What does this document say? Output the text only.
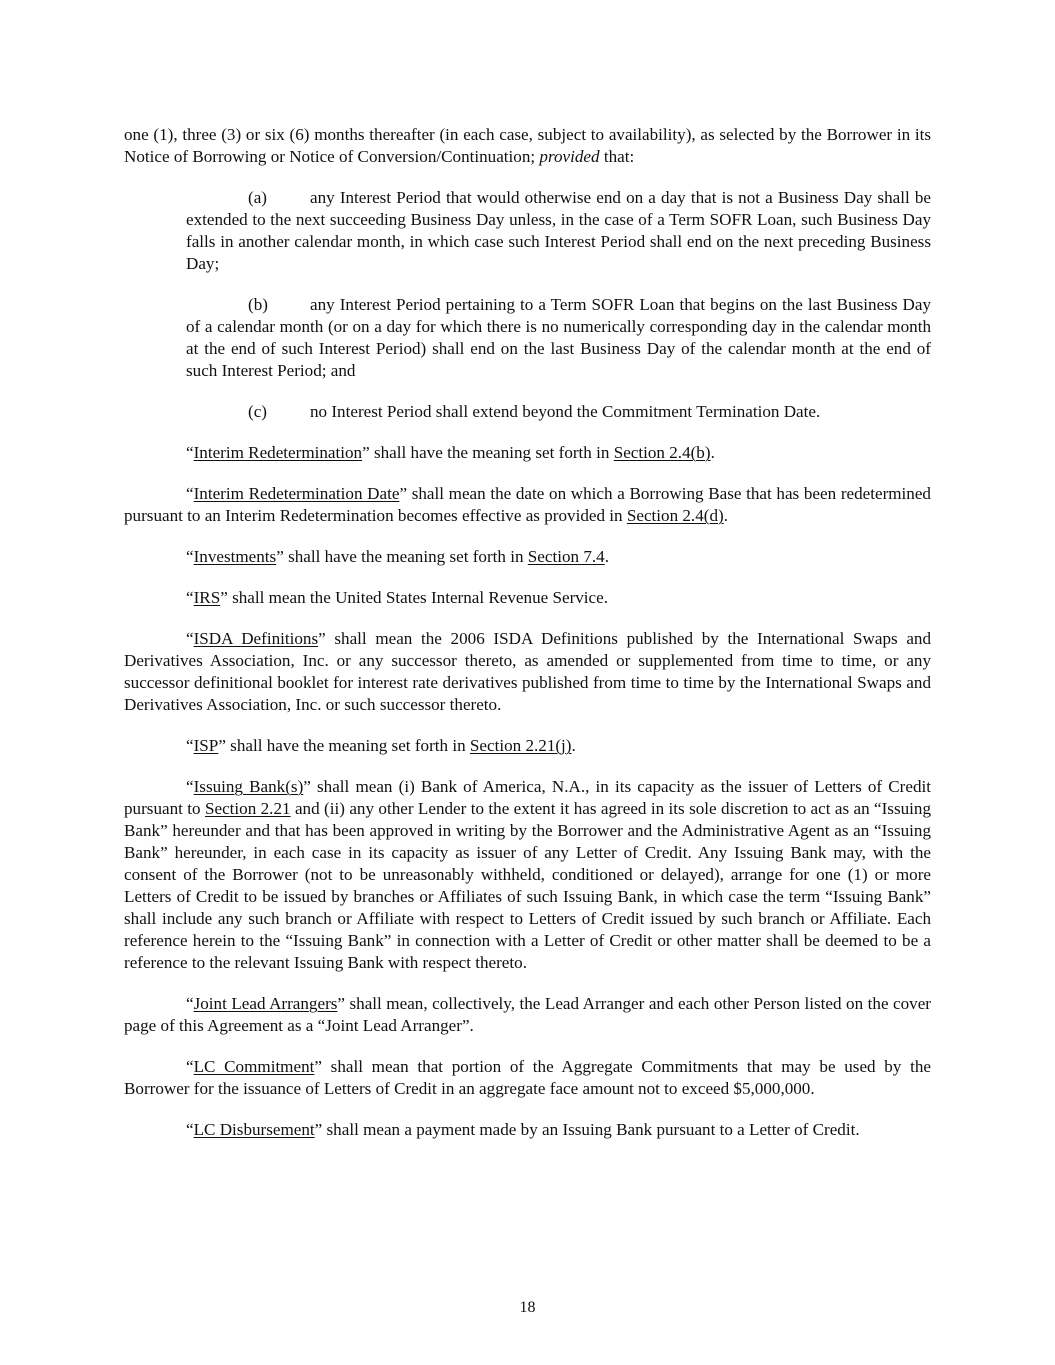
one (1), three (3) or six (6) months thereafter (in each case, subject to availability), as selected by the Borrower in its Notice of Borrowing or Notice of Conversion/Continuation; provided that:

(a)	any Interest Period that would otherwise end on a day that is not a Business Day shall be extended to the next succeeding Business Day unless, in the case of a Term SOFR Loan, such Business Day falls in another calendar month, in which case such Interest Period shall end on the next preceding Business Day;

(b) any Interest Period pertaining to a Term SOFR Loan that begins on the last Business Day of a calendar month (or on a day for which there is no numerically corresponding day in the calendar month at the end of such Interest Period) shall end on the last Business Day of the calendar month at the end of such Interest Period; and

(c)	no Interest Period shall extend beyond the Commitment Termination Date.

“Interim Redetermination” shall have the meaning set forth in Section 2.4(b).

“Interim Redetermination Date” shall mean the date on which a Borrowing Base that has been redetermined pursuant to an Interim Redetermination becomes effective as provided in Section 2.4(d).

“Investments” shall have the meaning set forth in Section 7.4.

“IRS” shall mean the United States Internal Revenue Service.

“ISDA Definitions” shall mean the 2006 ISDA Definitions published by the International Swaps and Derivatives Association, Inc. or any successor thereto, as amended or supplemented from time to time, or any successor definitional booklet for interest rate derivatives published from time to time by the International Swaps and Derivatives Association, Inc. or such successor thereto.

“ISP” shall have the meaning set forth in Section 2.21(j).

“Issuing Bank(s)” shall mean (i) Bank of America, N.A., in its capacity as the issuer of Letters of Credit pursuant to Section 2.21 and (ii) any other Lender to the extent it has agreed in its sole discretion to act as an “Issuing Bank” hereunder and that has been approved in writing by the Borrower and the Administrative Agent as an “Issuing Bank” hereunder, in each case in its capacity as issuer of any Letter of Credit. Any Issuing Bank may, with the consent of the Borrower (not to be unreasonably withheld, conditioned or delayed), arrange for one (1) or more Letters of Credit to be issued by branches or Affiliates of such Issuing Bank, in which case the term “Issuing Bank” shall include any such branch or Affiliate with respect to Letters of Credit issued by such branch or Affiliate. Each reference herein to the “Issuing Bank” in connection with a Letter of Credit or other matter shall be deemed to be a reference to the relevant Issuing Bank with respect thereto.

“Joint Lead Arrangers” shall mean, collectively, the Lead Arranger and each other Person listed on the cover page of this Agreement as a “Joint Lead Arranger”.

“LC Commitment” shall mean that portion of the Aggregate Commitments that may be used by the Borrower for the issuance of Letters of Credit in an aggregate face amount not to exceed $5,000,000.

“LC Disbursement” shall mean a payment made by an Issuing Bank pursuant to a Letter of Credit.

18
